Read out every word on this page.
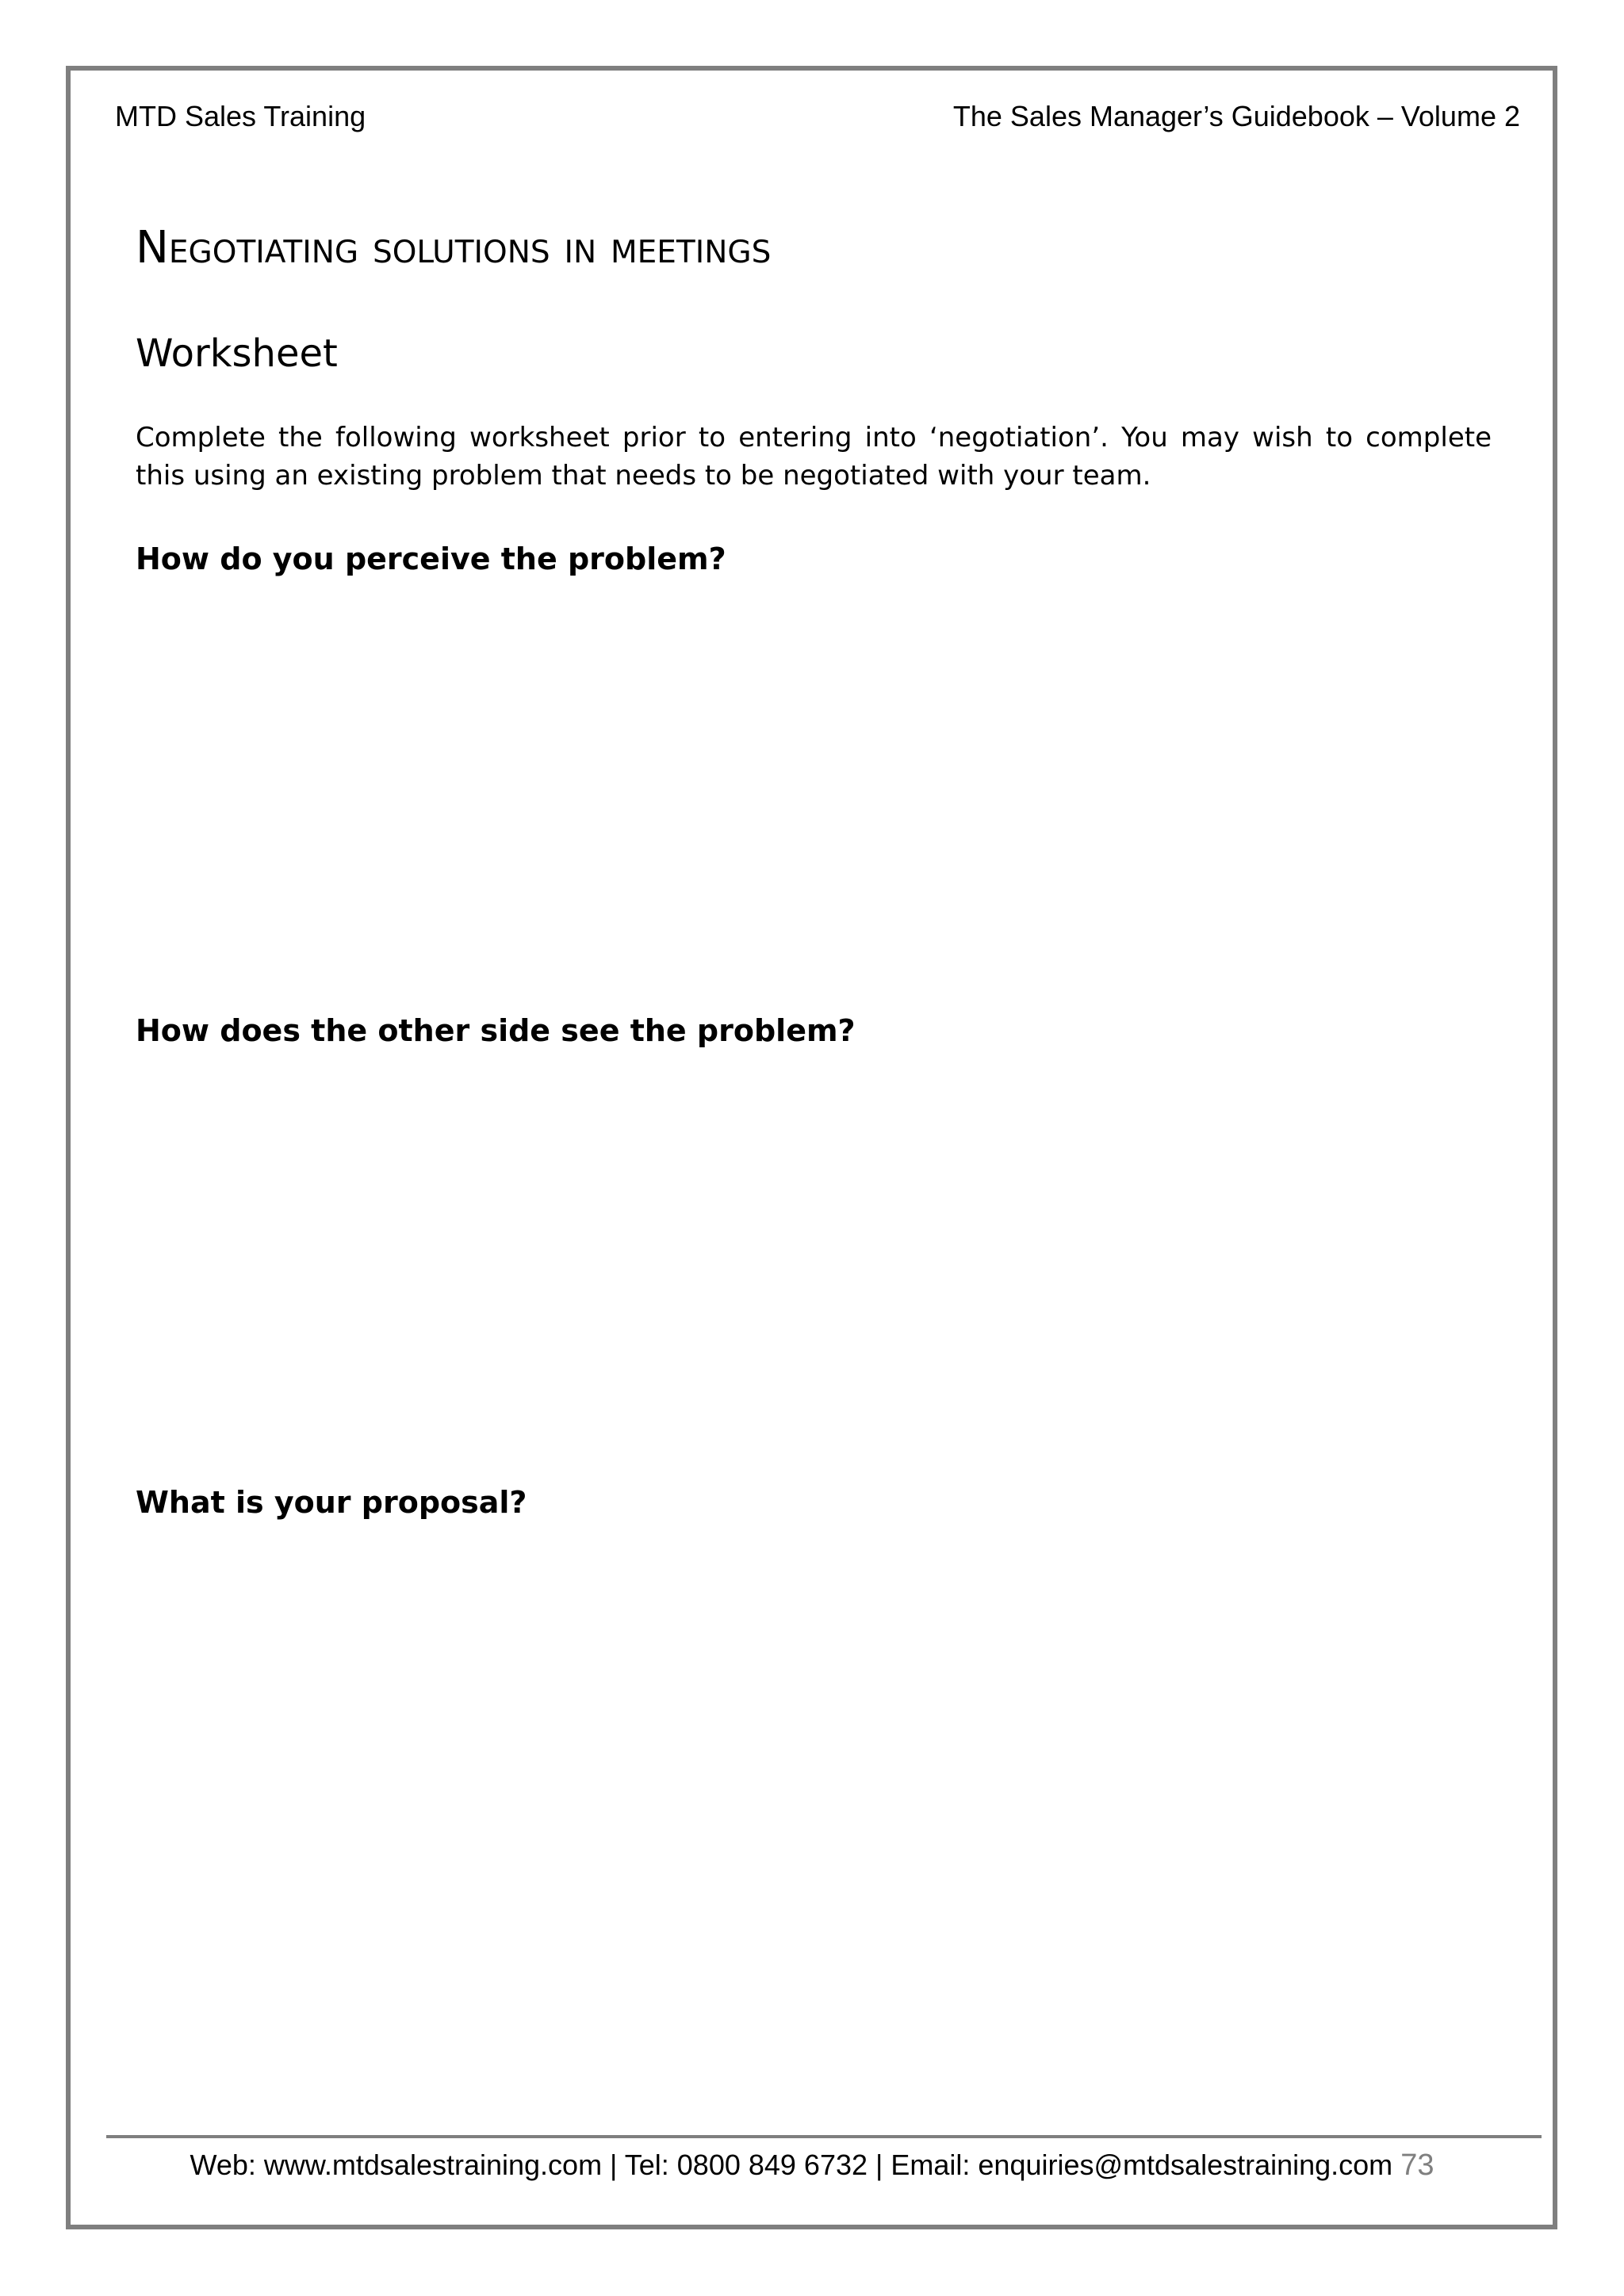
MTD Sales Training	The Sales Manager’s Guidebook – Volume 2
Negotiating solutions in meetings
Worksheet

Complete the following worksheet prior to entering into ‘negotiation’. You may wish to complete this using an existing problem that needs to be negotiated with your team.

How do you perceive the problem?
How does the other side see the problem?
What is your proposal?
Web: www.mtdsalestraining.com | Tel: 0800 849 6732 | Email: enquiries@mtdsalestraining.com 73
